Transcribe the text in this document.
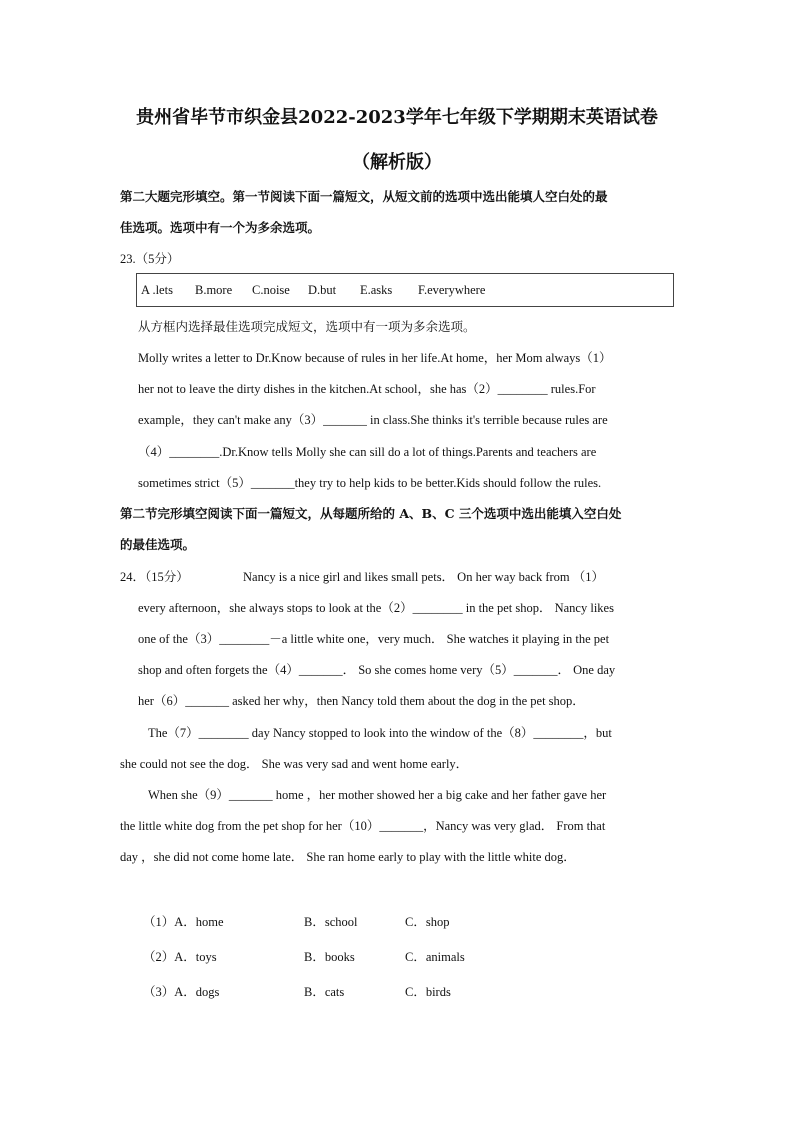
贵州省毕节市织金县2022-2023学年七年级下学期期末英语试卷
（解析版）
第二大题完形填空。第一节阅读下面一篇短文，从短文前的选项中选出能填人空白处的最
佳选项。选项中有一个为多余选项。
23.（5分）
A .lets B.more C.noise D.but E.asks F.everywhere
从方框内选择最佳选项完成短文，选项中有一项为多余选项。
Molly writes a letter to Dr.Know because of rules in her life.At home，her Mom always（1）
her not to leave the dirty dishes in the kitchen.At school，she has（2）________ rules.For
example，they can't make any（3）_______ in class.She thinks it's terrible because rules are
（4）________.Dr.Know tells Molly she can sill do a lot of things.Parents and teachers are
sometimes strict（5）_______they try to help kids to be better.Kids should follow the rules.
第二节完形填空阅读下面一篇短文，从每题所给的 A、B、C 三个选项中选出能填入空白处
的最佳选项。
24．（15分）	Nancy is a nice girl and likes small pets． On her way back from （1）
every afternoon，she always stops to look at the（2）________ in the pet shop． Nancy likes
one of the（3）________－a little white one，very much． She watches it playing in the pet
shop and often forgets the（4）_______． So she comes home very（5）_______． One day
her（6）_______ asked her why，then Nancy told them about the dog in the pet shop．
The（7）________ day Nancy stopped to look into the window of the（8）________，but
she could not see the dog． She was very sad and went home early．
When she（9）_______ home ，her mother showed her a big cake and her father gave her
the little white dog from the pet shop for her（10）_______，Nancy was very glad． From that
day ，she did not come home late． She ran home early to play with the little white dog．
（1）A．home	B．school	C．shop
（2）A．toys	B．books	C．animals
（3）A．dogs	B．cats	C．birds
